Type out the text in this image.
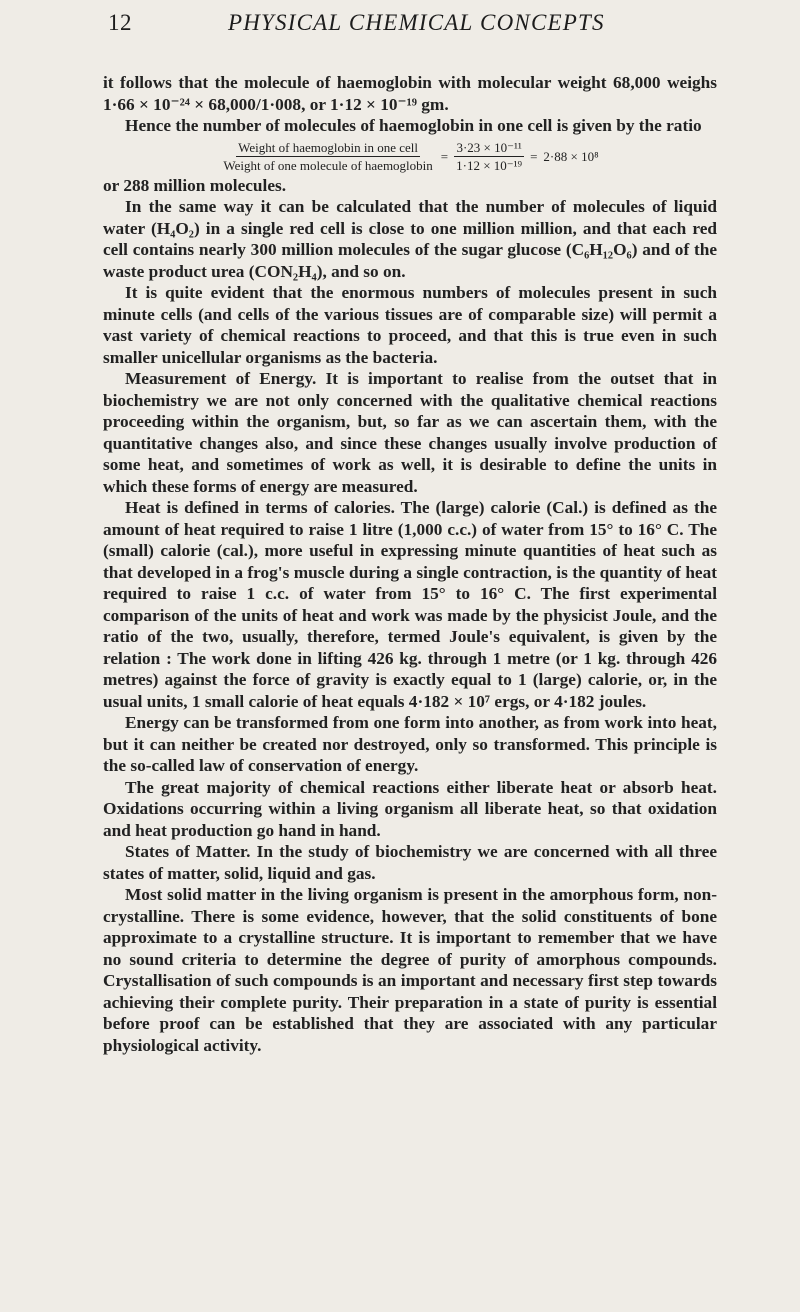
12	PHYSICAL CHEMICAL CONCEPTS

it follows that the molecule of haemoglobin with molecular weight 68,000 weighs 1·66 × 10⁻²⁴ × 68,000/1·008, or 1·12 × 10⁻¹⁹ gm.

Hence the number of molecules of haemoglobin in one cell is given by the ratio

$\frac{\text{Weight of haemoglobin in one cell}}{\text{Weight of one molecule of haemoglobin}} = \frac{\text{3·23 × 10⁻¹¹}}{\text{1·12 × 10⁻¹⁹}} = 2\cdot 88 \times 10^8$

or 288 million molecules.

In the same way it can be calculated that the number of molecules of liquid water (H₄O₂) in a single red cell is close to one million million, and that each red cell contains nearly 300 million molecules of the sugar glucose (C₆H₁₂O₆) and of the waste product urea (CON₂H₄), and so on.

It is quite evident that the enormous numbers of molecules present in such minute cells (and cells of the various tissues are of comparable size) will permit a vast variety of chemical reactions to proceed, and that this is true even in such smaller unicellular organisms as the bacteria.

Measurement of Energy. It is important to realise from the outset that in biochemistry we are not only concerned with the qualitative chemical reactions proceeding within the organism, but, so far as we can ascertain them, with the quantitative changes also, and since these changes usually involve production of some heat, and sometimes of work as well, it is desirable to define the units in which these forms of energy are measured.

Heat is defined in terms of calories. The (large) calorie (Cal.) is defined as the amount of heat required to raise 1 litre (1,000 c.c.) of water from 15° to 16° C. The (small) calorie (cal.), more useful in expressing minute quantities of heat such as that developed in a frog's muscle during a single contraction, is the quantity of heat required to raise 1 c.c. of water from 15° to 16° C. The first experimental comparison of the units of heat and work was made by the physicist Joule, and the ratio of the two, usually, therefore, termed Joule's equivalent, is given by the relation : The work done in lifting 426 kg. through 1 metre (or 1 kg. through 426 metres) against the force of gravity is exactly equal to 1 (large) calorie, or, in the usual units, 1 small calorie of heat equals 4·182 × 10⁷ ergs, or 4·182 joules.

Energy can be transformed from one form into another, as from work into heat, but it can neither be created nor destroyed, only so transformed. This principle is the so-called law of conservation of energy.

The great majority of chemical reactions either liberate heat or absorb heat. Oxidations occurring within a living organism all liberate heat, so that oxidation and heat production go hand in hand.

States of Matter. In the study of biochemistry we are concerned with all three states of matter, solid, liquid and gas.

Most solid matter in the living organism is present in the amorphous form, non-crystalline. There is some evidence, however, that the solid constituents of bone approximate to a crystalline structure. It is important to remember that we have no sound criteria to determine the degree of purity of amorphous compounds. Crystallisation of such compounds is an important and necessary first step towards achieving their complete purity. Their preparation in a state of purity is essential before proof can be established that they are associated with any particular physiological activity.
